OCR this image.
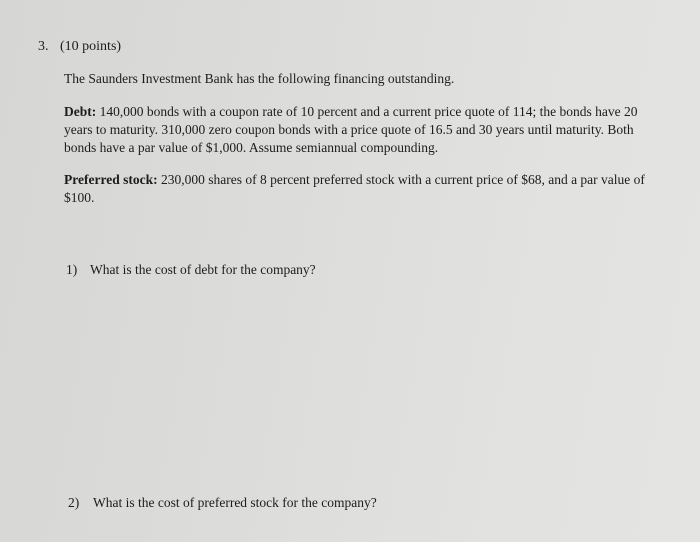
3. (10 points)
The Saunders Investment Bank has the following financing outstanding.
Debt: 140,000 bonds with a coupon rate of 10 percent and a current price quote of 114; the bonds have 20 years to maturity. 310,000 zero coupon bonds with a price quote of 16.5 and 30 years until maturity. Both bonds have a par value of $1,000. Assume semiannual compounding.
Preferred stock: 230,000 shares of 8 percent preferred stock with a current price of $68, and a par value of $100.
1) What is the cost of debt for the company?
2) What is the cost of preferred stock for the company?
